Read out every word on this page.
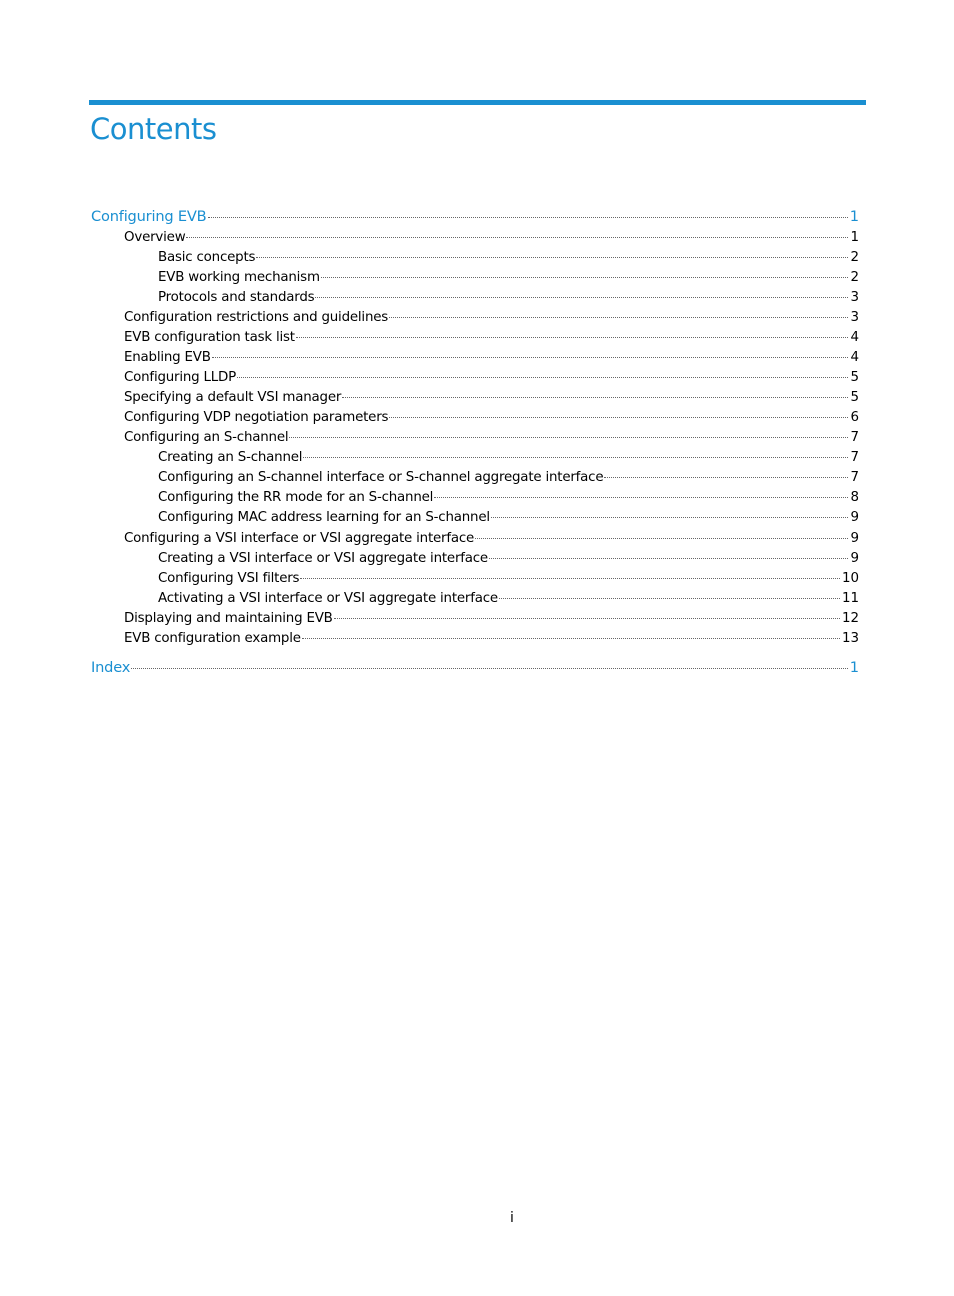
Contents
Configuring EVB	1
Overview	1
Basic concepts	2
EVB working mechanism	2
Protocols and standards	3
Configuration restrictions and guidelines	3
EVB configuration task list	4
Enabling EVB	4
Configuring LLDP	5
Specifying a default VSI manager	5
Configuring VDP negotiation parameters	6
Configuring an S-channel	7
Creating an S-channel	7
Configuring an S-channel interface or S-channel aggregate interface	7
Configuring the RR mode for an S-channel	8
Configuring MAC address learning for an S-channel	9
Configuring a VSI interface or VSI aggregate interface	9
Creating a VSI interface or VSI aggregate interface	9
Configuring VSI filters	10
Activating a VSI interface or VSI aggregate interface	11
Displaying and maintaining EVB	12
EVB configuration example	13
Index	1
i
